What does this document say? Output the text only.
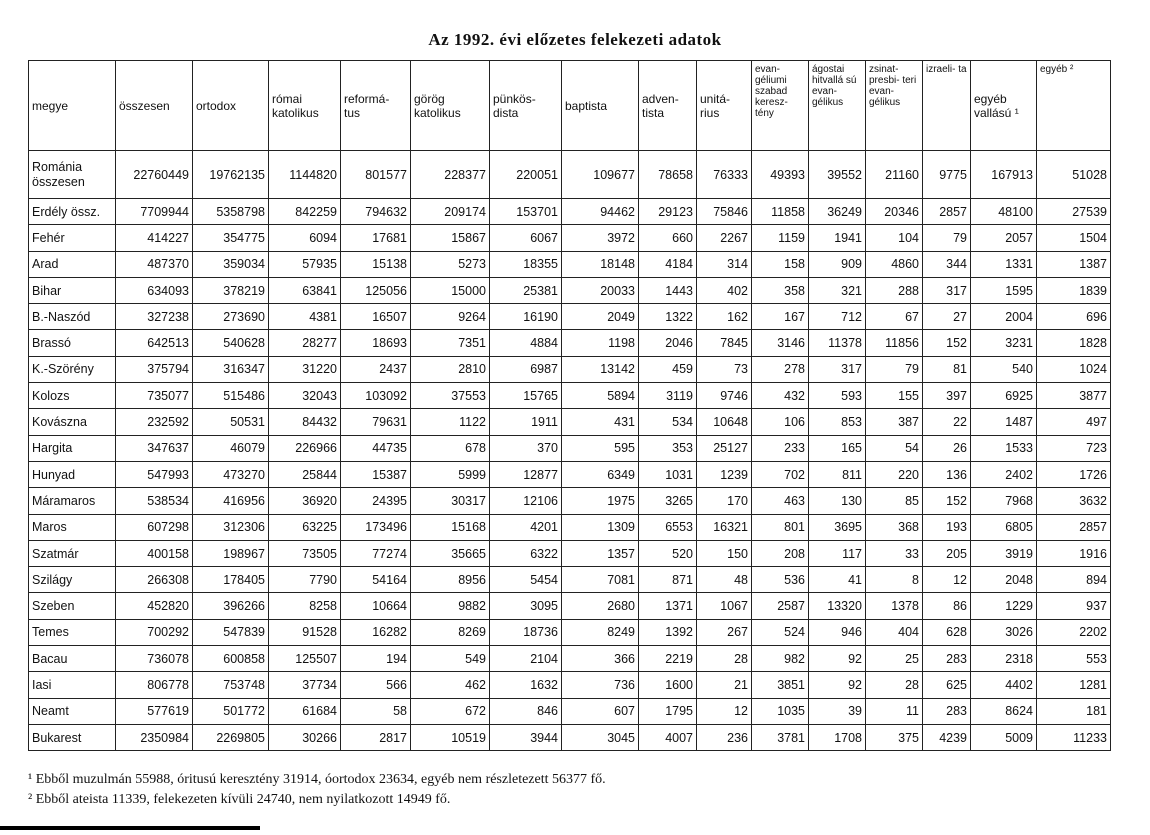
Az 1992. évi előzetes felekezeti adatok
megye	összesen	ortodox	római katolikus	reformá- tus	görög katolikus	pünkös- dista	baptista	adven- tista	unitá- rius	evan- géliumi szabad keresz- tény	ágostai hitvallá sú evan- gélikus	zsinat- presbi- teri evan- gélikus	izraeli- ta	egyéb vallású ¹	egyéb ²

Románia összesen	22760449	19762135	1144820	801577	228377	220051	109677	78658	76333	49393	39552	21160	9775	167913	51028
Erdély össz.	7709944	5358798	842259	794632	209174	153701	94462	29123	75846	11858	36249	20346	2857	48100	27539
Fehér	414227	354775	6094	17681	15867	6067	3972	660	2267	1159	1941	104	79	2057	1504
Arad	487370	359034	57935	15138	5273	18355	18148	4184	314	158	909	4860	344	1331	1387
Bihar	634093	378219	63841	125056	15000	25381	20033	1443	402	358	321	288	317	1595	1839
B.-Naszód	327238	273690	4381	16507	9264	16190	2049	1322	162	167	712	67	27	2004	696
Brassó	642513	540628	28277	18693	7351	4884	1198	2046	7845	3146	11378	11856	152	3231	1828
K.-Szörény	375794	316347	31220	2437	2810	6987	13142	459	73	278	317	79	81	540	1024
Kolozs	735077	515486	32043	103092	37553	15765	5894	3119	9746	432	593	155	397	6925	3877
Kovászna	232592	50531	84432	79631	1122	1911	431	534	10648	106	853	387	22	1487	497
Hargita	347637	46079	226966	44735	678	370	595	353	25127	233	165	54	26	1533	723
Hunyad	547993	473270	25844	15387	5999	12877	6349	1031	1239	702	811	220	136	2402	1726
Máramaros	538534	416956	36920	24395	30317	12106	1975	3265	170	463	130	85	152	7968	3632
Maros	607298	312306	63225	173496	15168	4201	1309	6553	16321	801	3695	368	193	6805	2857
Szatmár	400158	198967	73505	77274	35665	6322	1357	520	150	208	117	33	205	3919	1916
Szilágy	266308	178405	7790	54164	8956	5454	7081	871	48	536	41	8	12	2048	894
Szeben	452820	396266	8258	10664	9882	3095	2680	1371	1067	2587	13320	1378	86	1229	937
Temes	700292	547839	91528	16282	8269	18736	8249	1392	267	524	946	404	628	3026	2202
Bacau	736078	600858	125507	194	549	2104	366	2219	28	982	92	25	283	2318	553
Iasi	806778	753748	37734	566	462	1632	736	1600	21	3851	92	28	625	4402	1281
Neamt	577619	501772	61684	58	672	846	607	1795	12	1035	39	11	283	8624	181
Bukarest	2350984	2269805	30266	2817	10519	3944	3045	4007	236	3781	1708	375	4239	5009	11233
¹ Ebből muzulmán 55988, óritusú keresztény 31914, óortodox 23634, egyéb nem részletezett 56377 fő.
² Ebből ateista 11339, felekezeten kívüli 24740, nem nyilatkozott 14949 fő.
